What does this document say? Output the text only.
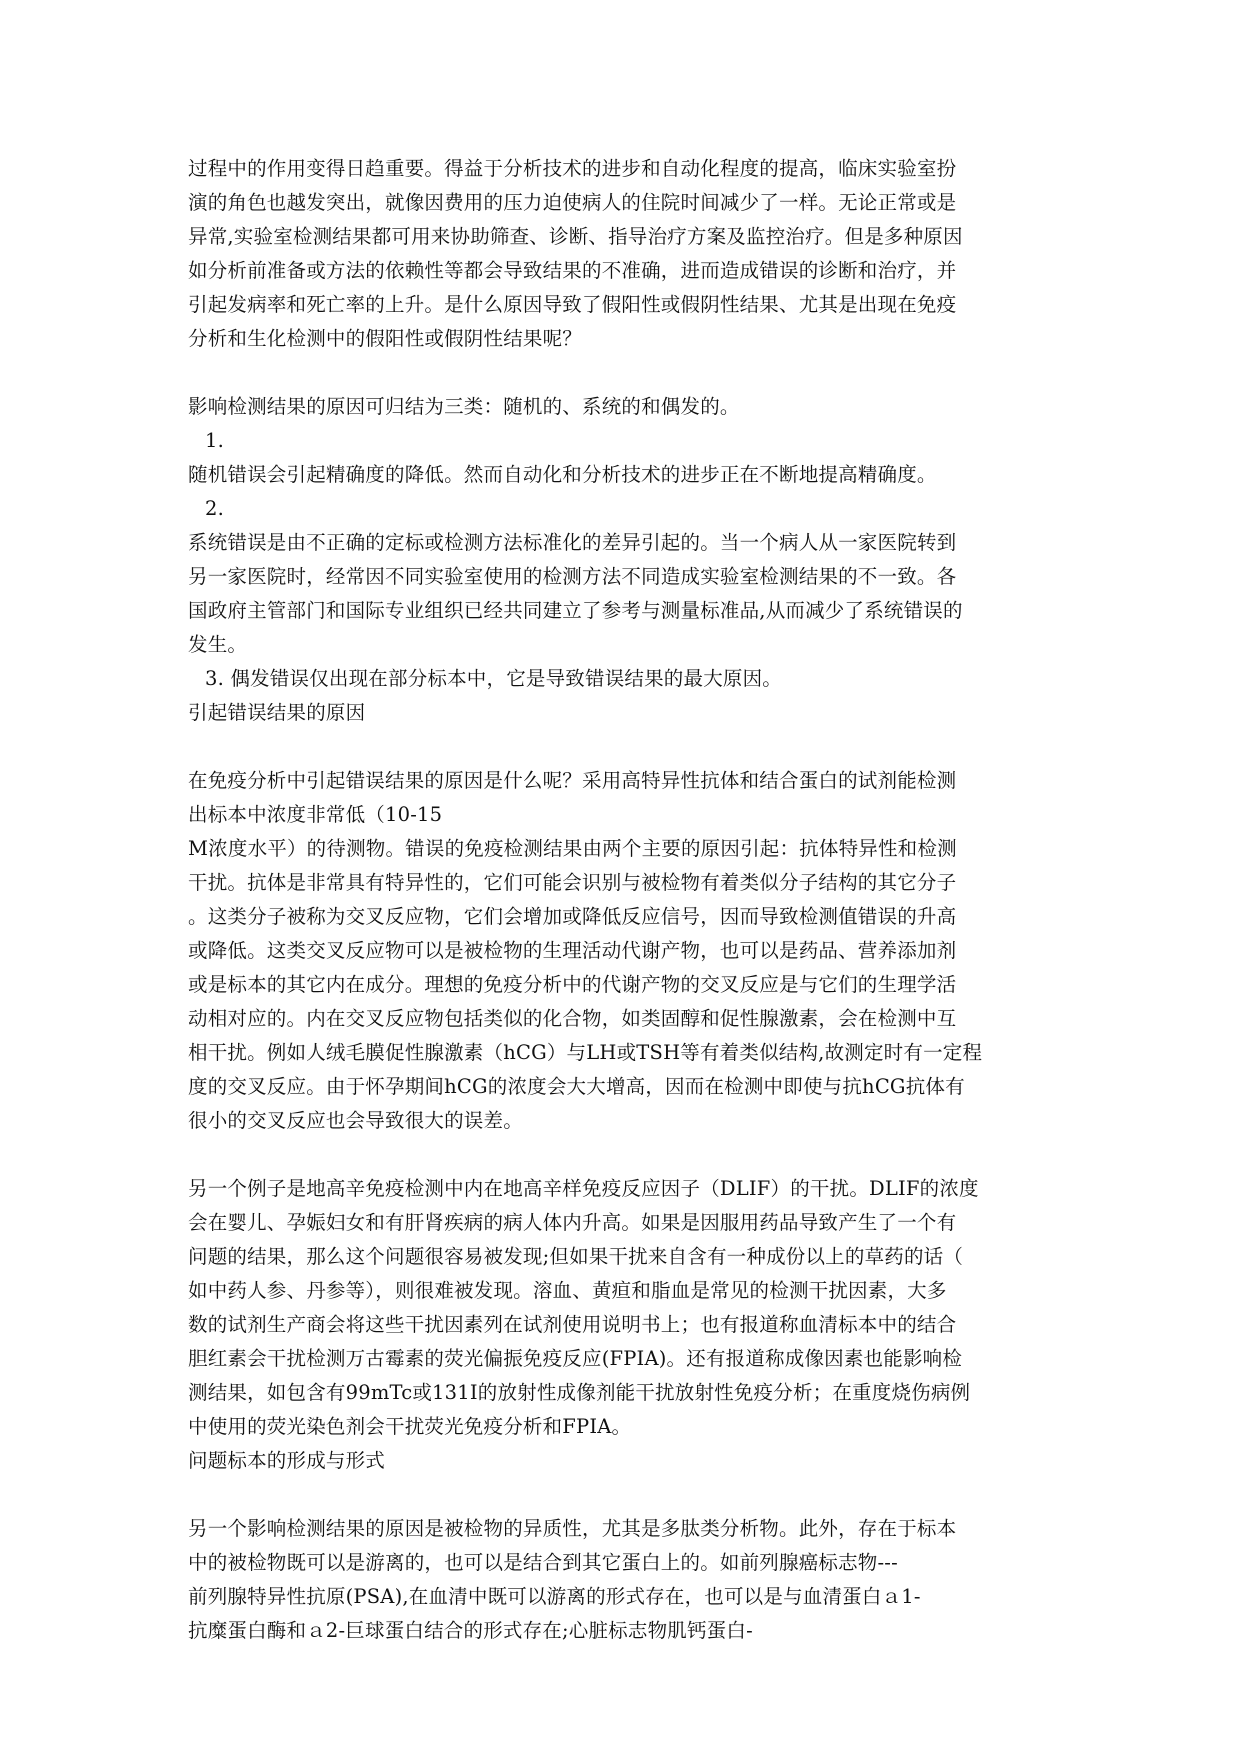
过程中的作用变得日趋重要。得益于分析技术的进步和自动化程度的提高，临床实验室扮
演的角色也越发突出，就像因费用的压力迫使病人的住院时间减少了一样。无论正常或是
异常,实验室检测结果都可用来协助筛查、诊断、指导治疗方案及监控治疗。但是多种原因
如分析前准备或方法的依赖性等都会导致结果的不准确，进而造成错误的诊断和治疗，并
引起发病率和死亡率的上升。是什么原因导致了假阳性或假阴性结果、尤其是出现在免疫
分析和生化检测中的假阳性或假阴性结果呢？
影响检测结果的原因可归结为三类：随机的、系统的和偶发的。
1.
随机错误会引起精确度的降低。然而自动化和分析技术的进步正在不断地提高精确度。
2.
系统错误是由不正确的定标或检测方法标准化的差异引起的。当一个病人从一家医院转到
另一家医院时，经常因不同实验室使用的检测方法不同造成实验室检测结果的不一致。各
国政府主管部门和国际专业组织已经共同建立了参考与测量标准品,从而减少了系统错误的
发生。
3. 偶发错误仅出现在部分标本中，它是导致错误结果的最大原因。
引起错误结果的原因
在免疫分析中引起错误结果的原因是什么呢？采用高特异性抗体和结合蛋白的试剂能检测
出标本中浓度非常低（10-15
M浓度水平）的待测物。错误的免疫检测结果由两个主要的原因引起：抗体特异性和检测
干扰。抗体是非常具有特异性的，它们可能会识别与被检物有着类似分子结构的其它分子
。这类分子被称为交叉反应物，它们会增加或降低反应信号，因而导致检测值错误的升高
或降低。这类交叉反应物可以是被检物的生理活动代谢产物，也可以是药品、营养添加剂
或是标本的其它内在成分。理想的免疫分析中的代谢产物的交叉反应是与它们的生理学活
动相对应的。内在交叉反应物包括类似的化合物，如类固醇和促性腺激素，会在检测中互
相干扰。例如人绒毛膜促性腺激素（hCG）与LH或TSH等有着类似结构,故测定时有一定程
度的交叉反应。由于怀孕期间hCG的浓度会大大增高，因而在检测中即使与抗hCG抗体有
很小的交叉反应也会导致很大的误差。
另一个例子是地高辛免疫检测中内在地高辛样免疫反应因子（DLIF）的干扰。DLIF的浓度
会在婴儿、孕娠妇女和有肝肾疾病的病人体内升高。如果是因服用药品导致产生了一个有
问题的结果，那么这个问题很容易被发现;但如果干扰来自含有一种成份以上的草药的话（
如中药人参、丹参等），则很难被发现。溶血、黄疸和脂血是常见的检测干扰因素，大多
数的试剂生产商会将这些干扰因素列在试剂使用说明书上；也有报道称血清标本中的结合
胆红素会干扰检测万古霉素的荧光偏振免疫反应(FPIA)。还有报道称成像因素也能影响检
测结果，如包含有99mTc或131I的放射性成像剂能干扰放射性免疫分析；在重度烧伤病例
中使用的荧光染色剂会干扰荧光免疫分析和FPIA。
问题标本的形成与形式
另一个影响检测结果的原因是被检物的异质性，尤其是多肽类分析物。此外，存在于标本
中的被检物既可以是游离的，也可以是结合到其它蛋白上的。如前列腺癌标志物---
前列腺特异性抗原(PSA),在血清中既可以游离的形式存在，也可以是与血清蛋白ａ1-
抗糜蛋白酶和ａ2-巨球蛋白结合的形式存在;心脏标志物肌钙蛋白-
